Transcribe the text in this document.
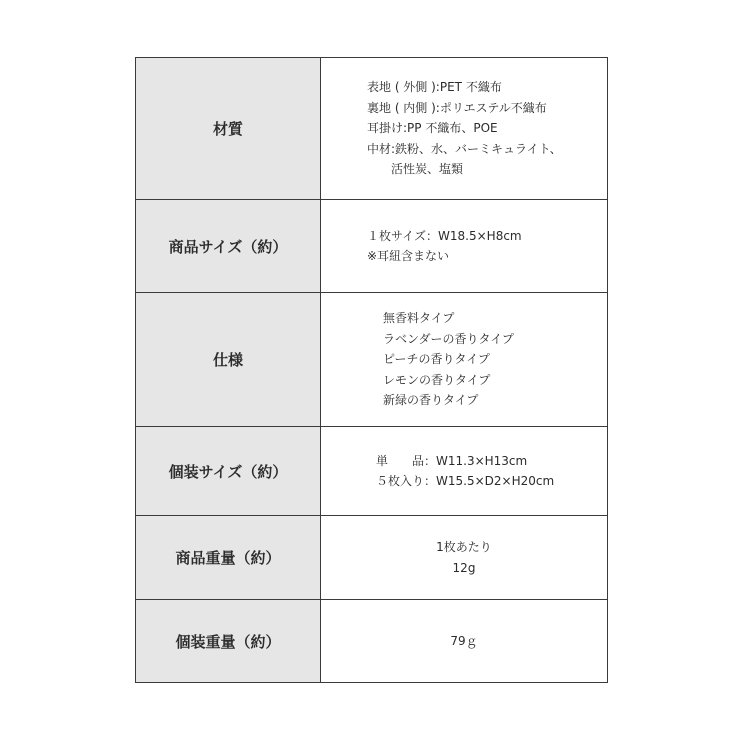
材質
表地 ( 外側 ):PET 不織布
裏地 ( 内側 ):ポリエステル不織布
耳掛け:PP 不織布、POE
中材:鉄粉、水、バーミキュライト、
活性炭、塩類
商品サイズ（約）
１枚サイズ：W18.5×H8cm
※耳紐含まない
仕様
無香料タイプ
ラベンダーの香りタイプ
ピーチの香りタイプ
レモンの香りタイプ
新緑の香りタイプ
個装サイズ（約）
単　　品：W11.3×H13cm
５枚入り：W15.5×D2×H20cm
商品重量（約）
1枚あたり
12g
個装重量（約）	79ｇ
